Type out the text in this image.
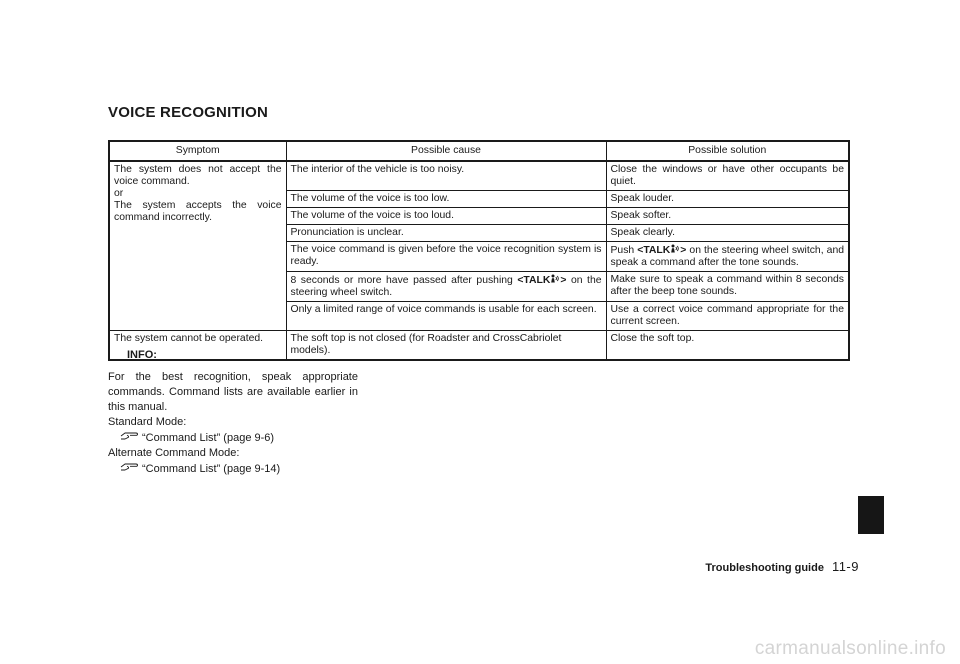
VOICE RECOGNITION
Symptom	Possible cause	Possible solution

The system does not accept the voice command.
or
The system accepts the voice command incorrectly.	The interior of the vehicle is too noisy.	Close the windows or have other occupants be quiet.
	The volume of the voice is too low.	Speak louder.
	The volume of the voice is too loud.	Speak softer.
	Pronunciation is unclear.	Speak clearly.
	The voice command is given before the voice recognition system is ready.	Push <TALK > on the steering wheel switch, and speak a command after the tone sounds.
	8 seconds or more have passed after pushing <TALK > on the steering wheel switch.	Make sure to speak a command within 8 seconds after the beep tone sounds.
	Only a limited range of voice commands is usable for each screen.	Use a correct voice command appropriate for the current screen.
The system cannot be operated.	The soft top is not closed (for Roadster and CrossCabriolet models).	Close the soft top.
INFO:
For the best recognition, speak appropriate commands. Command lists are available earlier in this manual.
Standard Mode:
“Command List” (page 9-6)
Alternate Command Mode:
“Command List” (page 9-14)
Troubleshooting guide 11-9
carmanualsonline.info
